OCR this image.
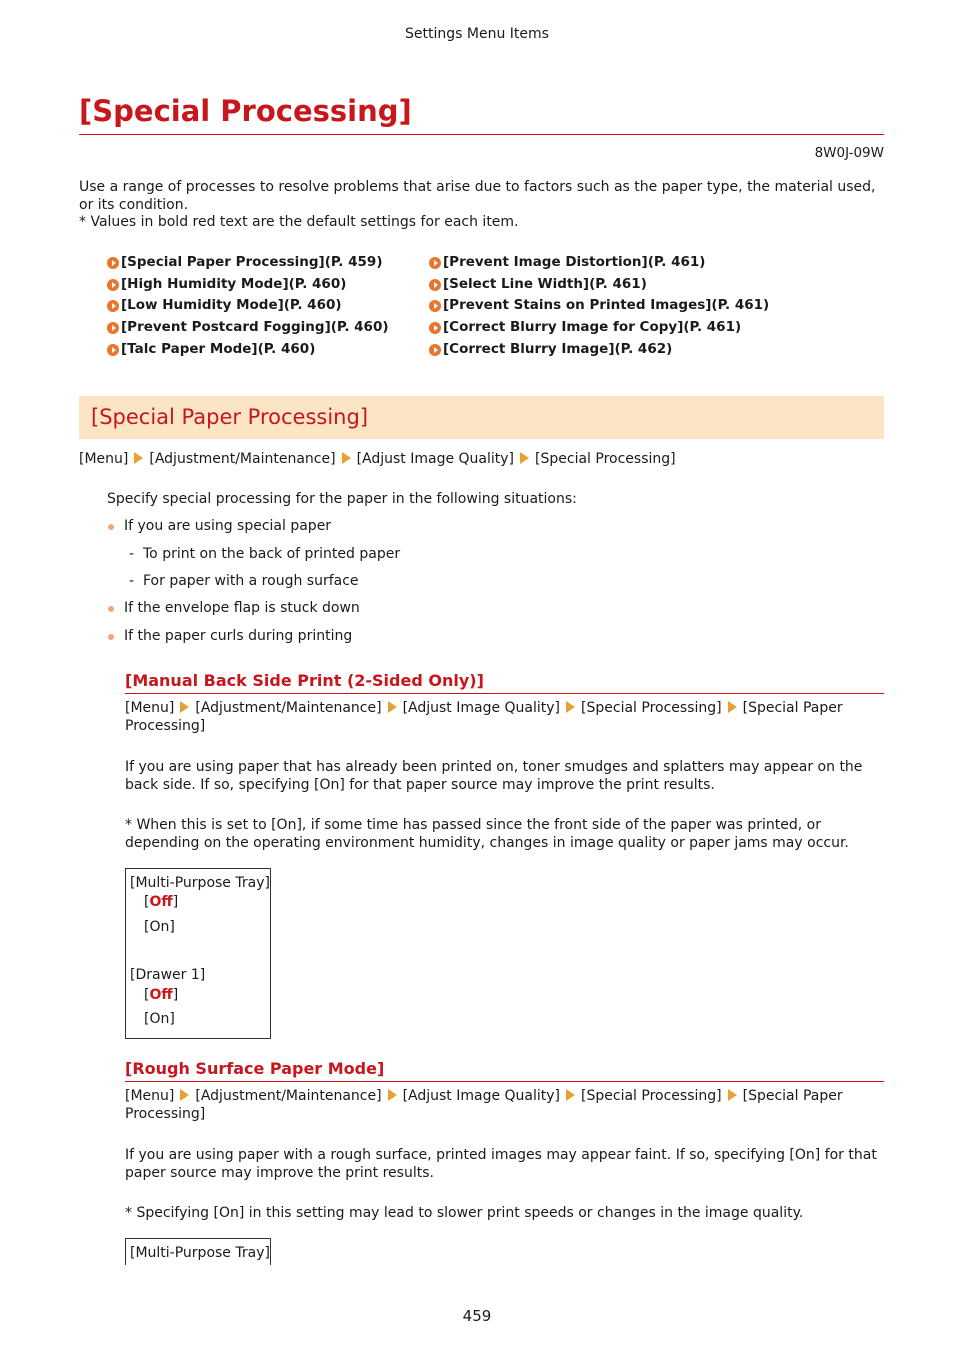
Settings Menu Items
[Special Processing]
8W0J-09W
Use a range of processes to resolve problems that arise due to factors such as the paper type, the material used, or its condition.
* Values in bold red text are the default settings for each item.
[Special Paper Processing](P. 459)
[High Humidity Mode](P. 460)
[Low Humidity Mode](P. 460)
[Prevent Postcard Fogging](P. 460)
[Talc Paper Mode](P. 460)
[Prevent Image Distortion](P. 461)
[Select Line Width](P. 461)
[Prevent Stains on Printed Images](P. 461)
[Correct Blurry Image for Copy](P. 461)
[Correct Blurry Image](P. 462)
[Special Paper Processing]
[Menu] [Adjustment/Maintenance] [Adjust Image Quality] [Special Processing]
Specify special processing for the paper in the following situations:
If you are using special paper
- To print on the back of printed paper
- For paper with a rough surface
If the envelope flap is stuck down
If the paper curls during printing
[Manual Back Side Print (2-Sided Only)]
[Menu] [Adjustment/Maintenance] [Adjust Image Quality] [Special Processing] [Special Paper
Processing]
If you are using paper that has already been printed on, toner smudges and splatters may appear on the back side. If so, specifying [On] for that paper source may improve the print results.
* When this is set to [On], if some time has passed since the front side of the paper was printed, or depending on the operating environment humidity, changes in image quality or paper jams may occur.
[Multi-Purpose Tray]
[Off]
[On]
[Drawer 1]
[Off]
[On]
[Rough Surface Paper Mode]
[Menu] [Adjustment/Maintenance] [Adjust Image Quality] [Special Processing] [Special Paper
Processing]
If you are using paper with a rough surface, printed images may appear faint. If so, specifying [On] for that paper source may improve the print results.
* Specifying [On] in this setting may lead to slower print speeds or changes in the image quality.
[Multi-Purpose Tray]
459
